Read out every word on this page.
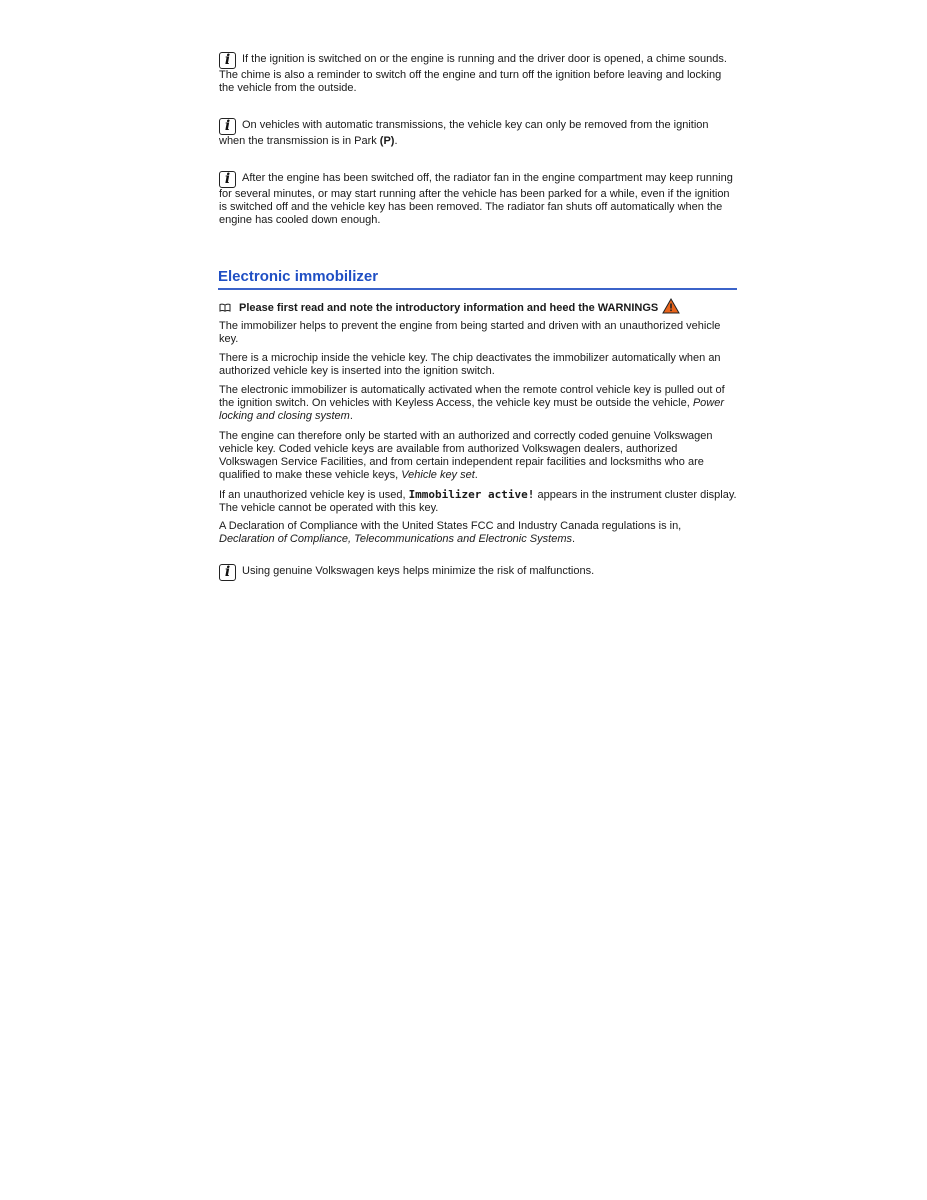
i If the ignition is switched on or the engine is running and the driver door is opened, a chime sounds. The chime is also a reminder to switch off the engine and turn off the ignition before leaving and locking the vehicle from the outside.
i On vehicles with automatic transmissions, the vehicle key can only be removed from the ignition when the transmission is in Park (P).
i After the engine has been switched off, the radiator fan in the engine compartment may keep running for several minutes, or may start running after the vehicle has been parked for a while, even if the ignition is switched off and the vehicle key has been removed. The radiator fan shuts off automatically when the engine has cooled down enough.
Electronic immobilizer
Please first read and note the introductory information and heed the WARNINGS

The immobilizer helps to prevent the engine from being started and driven with an unauthorized vehicle key.

There is a microchip inside the vehicle key. The chip deactivates the immobilizer automatically when an authorized vehicle key is inserted into the ignition switch.

The electronic immobilizer is automatically activated when the remote control vehicle key is pulled out of the ignition switch. On vehicles with Keyless Access, the vehicle key must be outside the vehicle, Power locking and closing system.

The engine can therefore only be started with an authorized and correctly coded genuine Volkswagen vehicle key. Coded vehicle keys are available from authorized Volkswagen dealers, authorized Volkswagen Service Facilities, and from certain independent repair facilities and locksmiths who are qualified to make these vehicle keys, Vehicle key set.

If an unauthorized vehicle key is used, Immobilizer active! appears in the instrument cluster display. The vehicle cannot be operated with this key.

A Declaration of Compliance with the United States FCC and Industry Canada regulations is in, Declaration of Compliance, Telecommunications and Electronic Systems.

i Using genuine Volkswagen keys helps minimize the risk of malfunctions.
